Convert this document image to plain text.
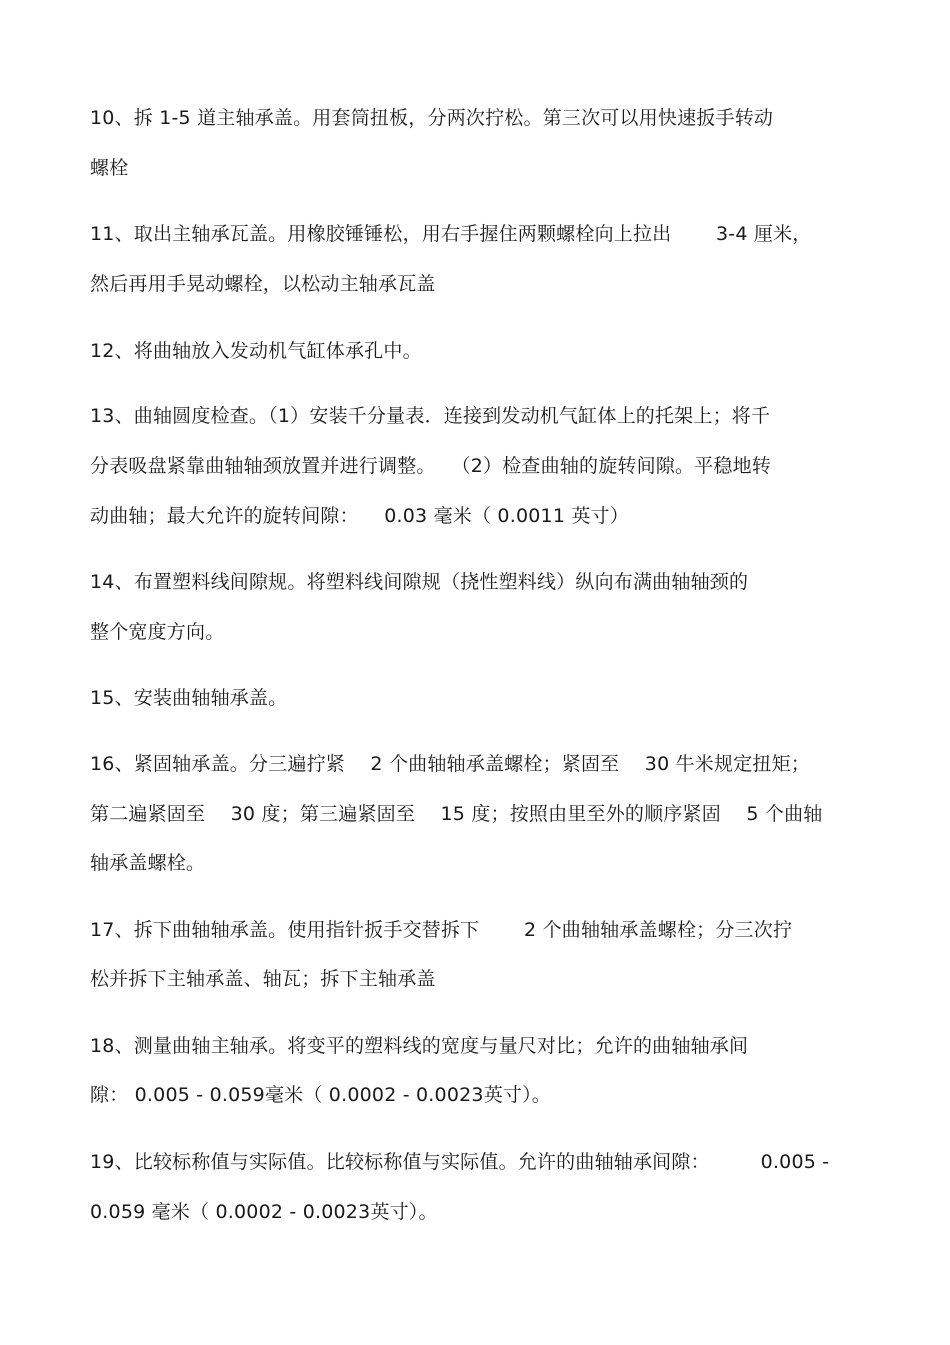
10、拆 1-5 道主轴承盖。用套筒扭板，分两次拧松。第三次可以用快速扳手转动
螺栓
11、取出主轴承瓦盖。用橡胶锤锤松，用右手握住两颗螺栓向上拉出 　　3-4 厘米，
然后再用手晃动螺栓，以松动主轴承瓦盖
12、将曲轴放入发动机气缸体承孔中。
13、曲轴圆度检查。（1）安装千分量表．连接到发动机气缸体上的托架上；将千
分表吸盘紧靠曲轴轴颈放置并进行调整。 　（2）检查曲轴的旋转间隙。平稳地转
动曲轴；最大允许的旋转间隙： 　0.03 毫米（ 0.0011 英寸）
14、布置塑料线间隙规。将塑料线间隙规（挠性塑料线）纵向布满曲轴轴颈的
整个宽度方向。
15、安装曲轴轴承盖。
16、紧固轴承盖。分三遍拧紧 　2 个曲轴轴承盖螺栓；紧固至 　30 牛米规定扭矩；
第二遍紧固至 　30 度；第三遍紧固至 　15 度；按照由里至外的顺序紧固 　5 个曲轴
轴承盖螺栓。
17、拆下曲轴轴承盖。使用指针扳手交替拆下 　　2 个曲轴轴承盖螺栓；分三次拧
松并拆下主轴承盖、轴瓦；拆下主轴承盖
18、测量曲轴主轴承。将变平的塑料线的宽度与量尺对比；允许的曲轴轴承间
隙： 0.005 - 0.059毫米（ 0.0002 - 0.0023英寸）。
19、比较标称值与实际值。比较标称值与实际值。允许的曲轴轴承间隙： 　　 0.005 -
0.059 毫米（ 0.0002 - 0.0023英寸）。
